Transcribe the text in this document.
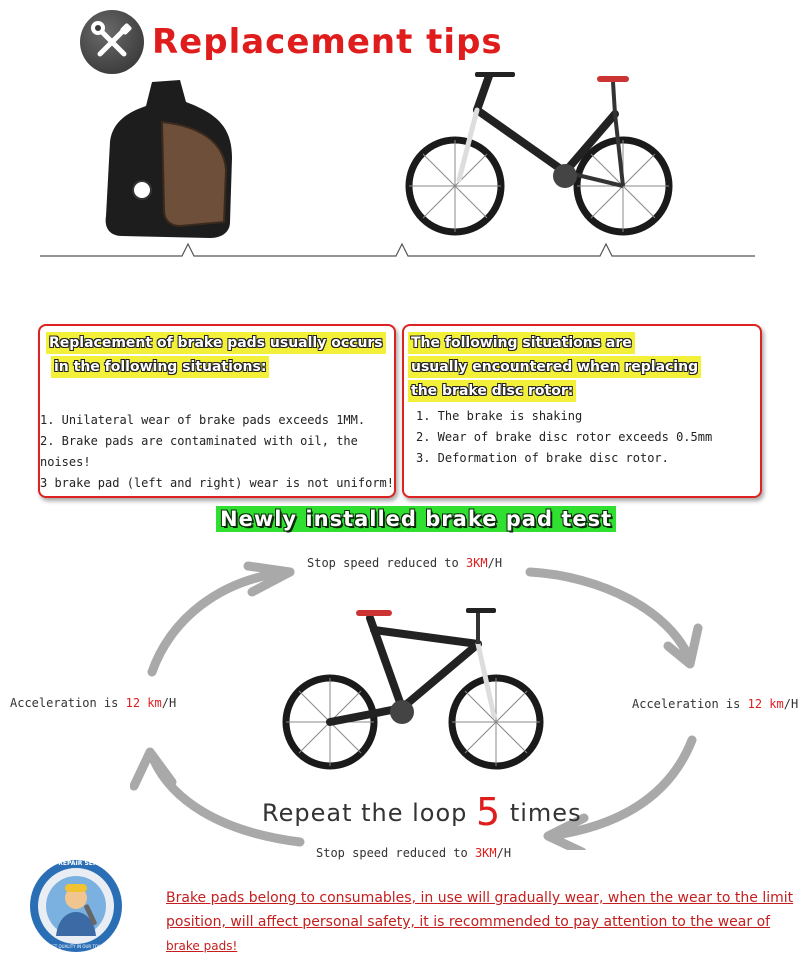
Replacement tips
Replacement of brake pads usually occurs
in the following situations:
1. Unilateral wear of brake pads exceeds 1MM.
2. Brake pads are contaminated with oil, the noises!
3 brake pad (left and right) wear is not uniform!
The following situations are
usually encountered when replacing
the brake disc rotor:
1. The brake is shaking
2. Wear of brake disc rotor exceeds 0.5mm
3. Deformation of brake disc rotor.
Newly installed brake pad test
Stop speed reduced to 3KM/H
Acceleration is 12 km/H	Acceleration is 12 km/H
Stop speed reduced to 3KM/H
Repeat the loop 5 times
BEST REPAIR SERVICE
BEST QUALITY IN OUR TOWN
Brake pads belong to consumables, in use will gradually wear, when the wear to the limit position, will affect personal safety, it is recommended to pay attention to the wear of brake pads!
